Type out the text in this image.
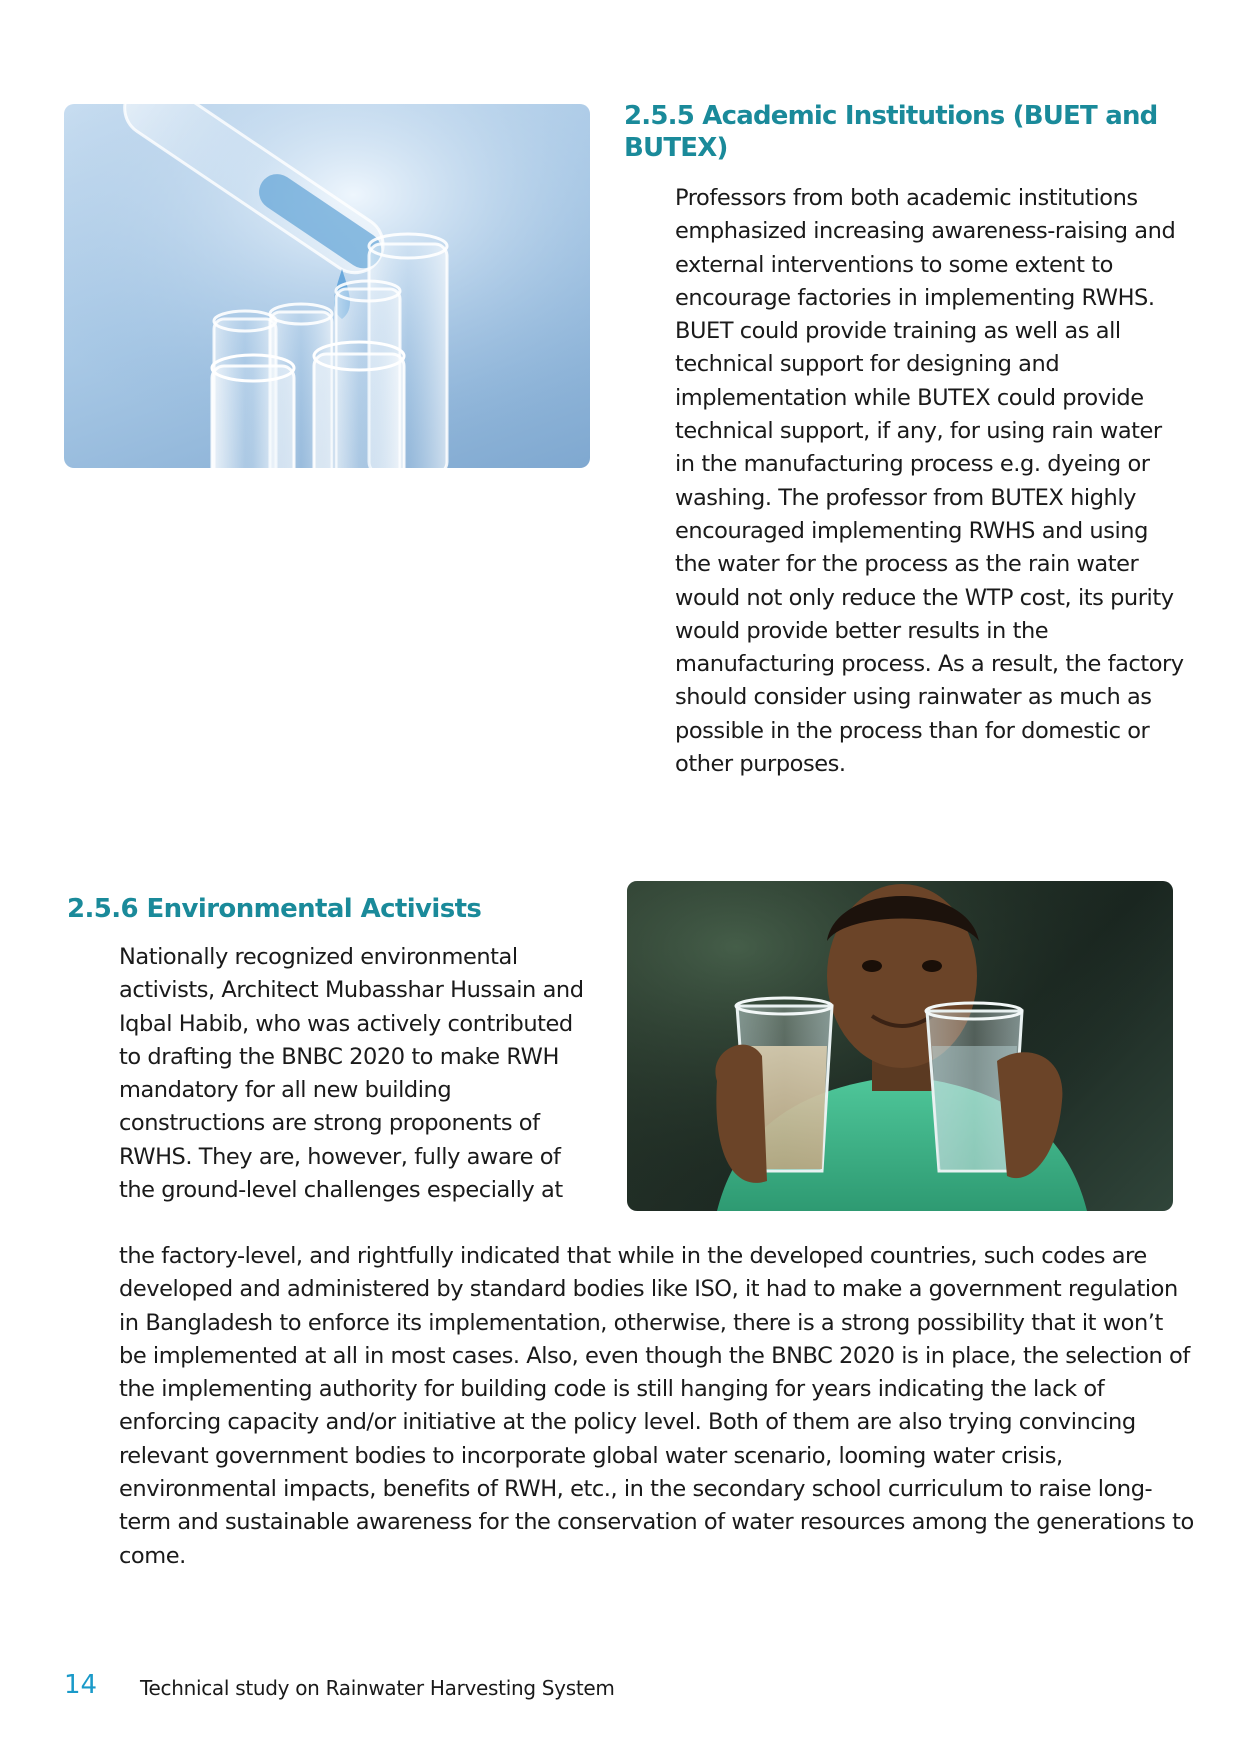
2.5.5 Academic Institutions (BUET and BUTEX)

Professors from both academic institutions emphasized increasing awareness-raising and external interventions to some extent to encourage factories in implementing RWHS. BUET could provide training as well as all technical support for designing and implementation while BUTEX could provide technical support, if any, for using rain water in the manufacturing process e.g. dyeing or washing. The professor from BUTEX highly encouraged implementing RWHS and using the water for the process as the rain water would not only reduce the WTP cost, its purity would provide better results in the manufacturing process. As a result, the factory should consider using rainwater as much as possible in the process than for domestic or other purposes.

2.5.6 Environmental Activists

Nationally recognized environmental activists, Architect Mubasshar Hussain and Iqbal Habib, who was actively contributed to drafting the BNBC 2020 to make RWH mandatory for all new building constructions are strong proponents of RWHS. They are, however, fully aware of the ground-level challenges especially at

the factory-level, and rightfully indicated that while in the developed countries, such codes are developed and administered by standard bodies like ISO, it had to make a government regulation in Bangladesh to enforce its implementation, otherwise, there is a strong possibility that it won’t be implemented at all in most cases. Also, even though the BNBC 2020 is in place, the selection of the implementing authority for building code is still hanging for years indicating the lack of enforcing capacity and/or initiative at the policy level. Both of them are also trying convincing relevant government bodies to incorporate global water scenario, looming water crisis, environmental impacts, benefits of RWH, etc., in the secondary school curriculum to raise long-term and sustainable awareness for the conservation of water resources among the generations to come.

14 Technical study on Rainwater Harvesting System
